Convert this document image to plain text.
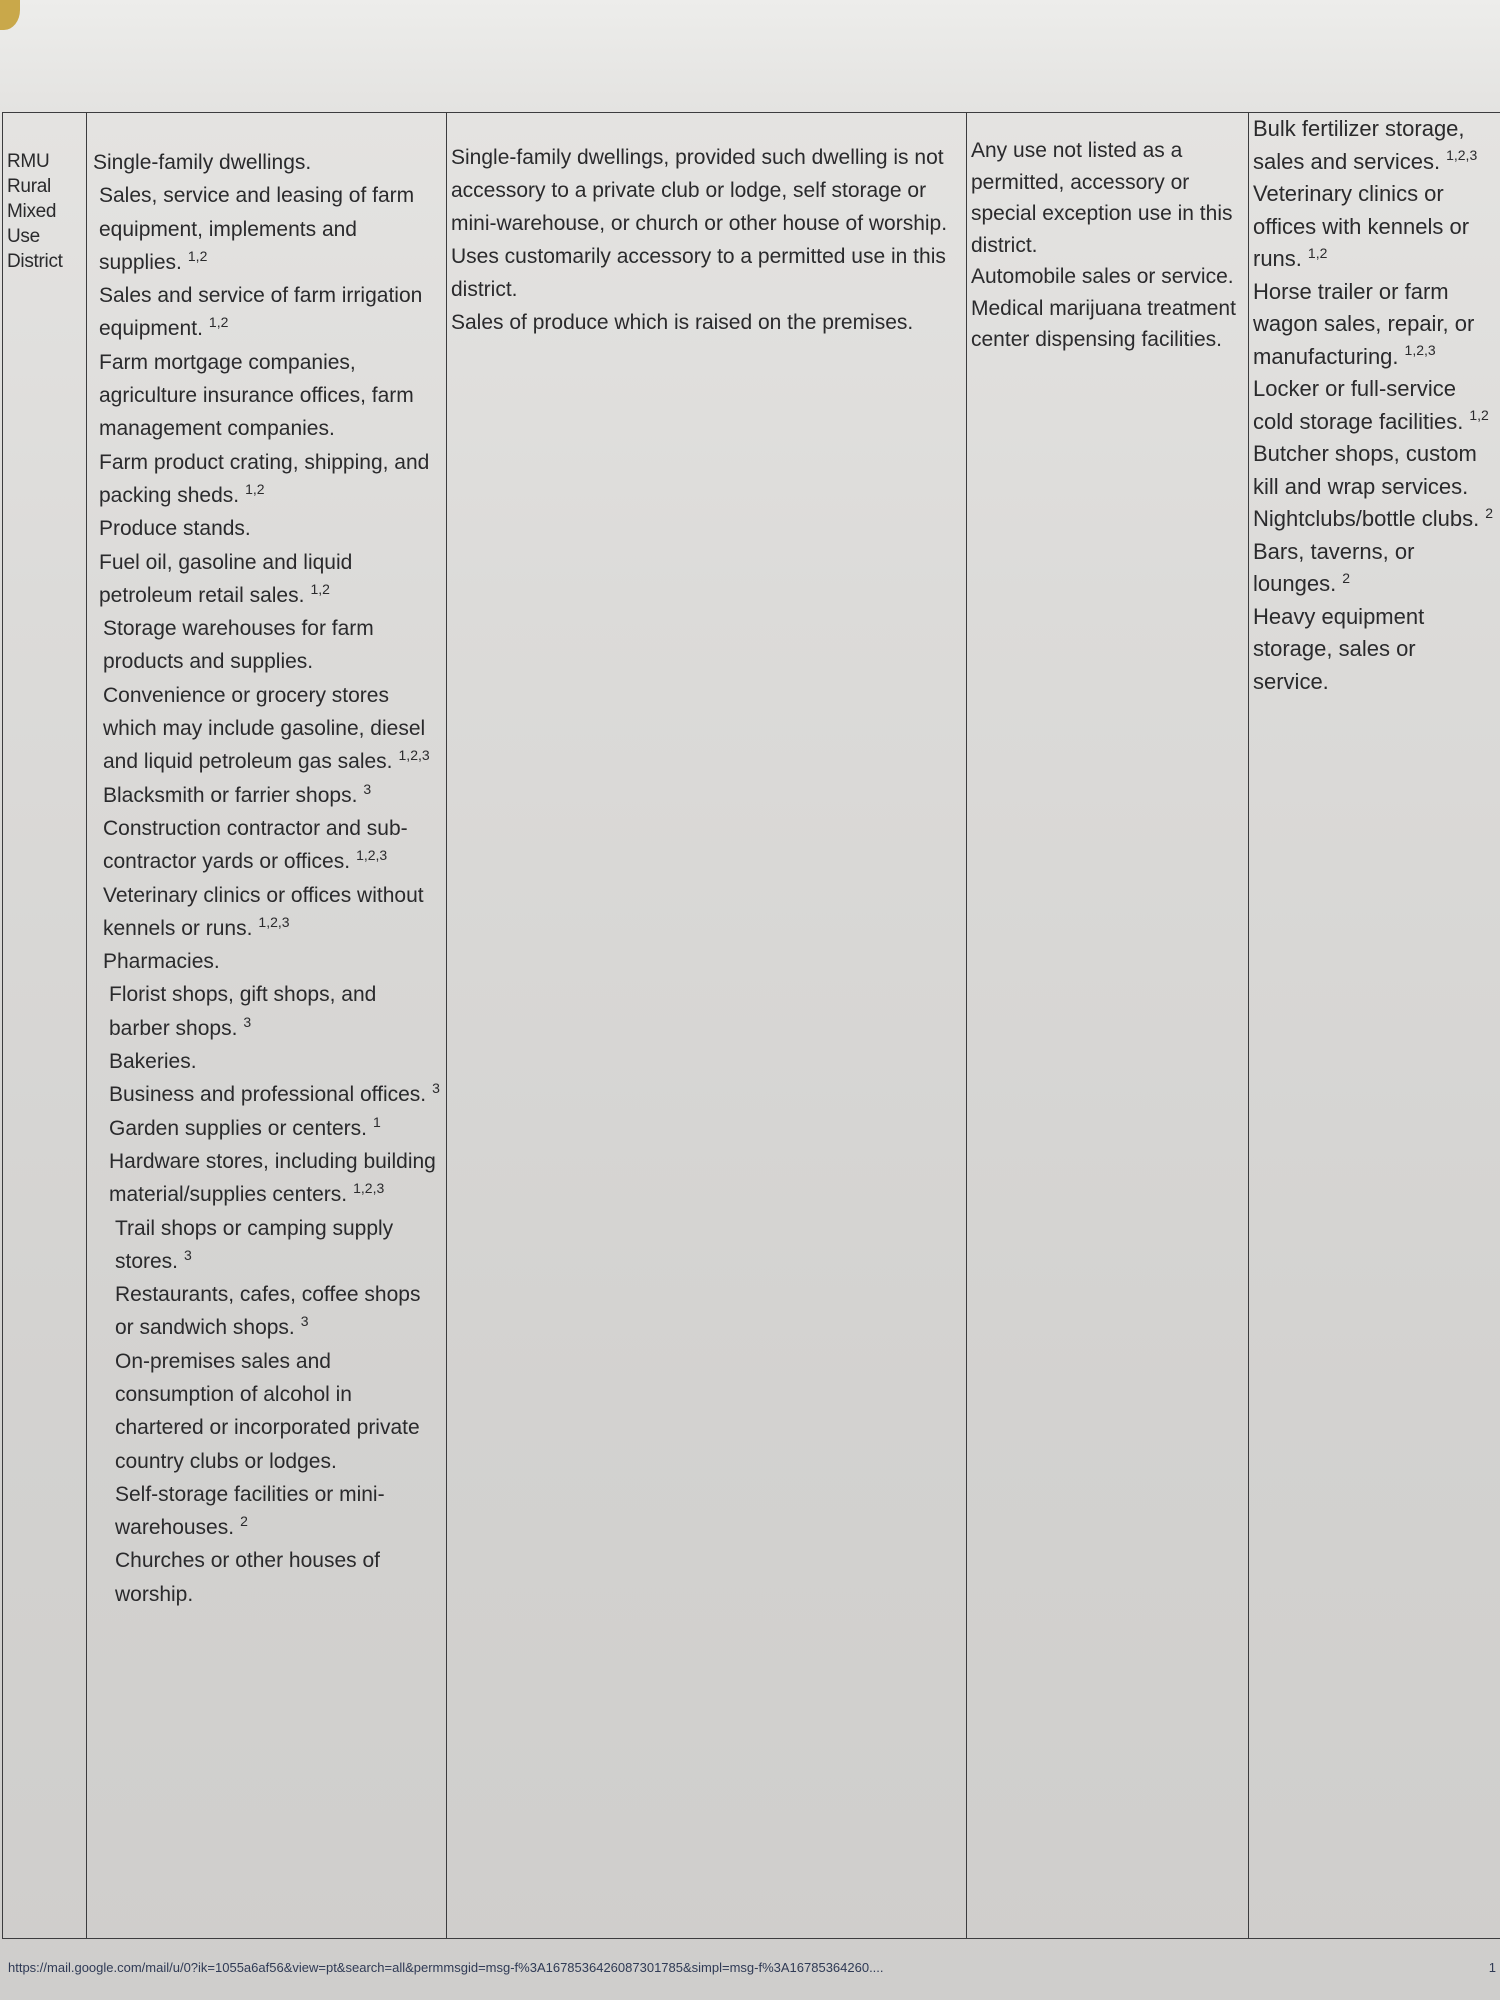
RMU
Rural
Mixed
Use
District

Single-family dwellings.
Sales, service and leasing of farm equipment, implements and supplies. $^{1,2}$
Sales and service of farm irrigation equipment. $^{1,2}$
Farm mortgage companies, agriculture insurance offices, farm management companies.
Farm product crating, shipping, and packing sheds. $^{1,2}$
Produce stands.
Fuel oil, gasoline and liquid petroleum retail sales. $^{1,2}$
Storage warehouses for farm products and supplies.
Convenience or grocery stores which may include gasoline, diesel and liquid petroleum gas sales. $^{1,2,3}$
Blacksmith or farrier shops. $^3$
Construction contractor and sub-contractor yards or offices. $^{1,2,3}$
Veterinary clinics or offices without kennels or runs. $^{1,2,3}$
Pharmacies.
Florist shops, gift shops, and barber shops. $^3$
Bakeries.
Business and professional offices. $^3$
Garden supplies or centers. $^1$
Hardware stores, including building material/supplies centers. $^{1,2,3}$
Trail shops or camping supply stores. $^3$
Restaurants, cafes, coffee shops or sandwich shops. $^3$
On-premises sales and consumption of alcohol in chartered or incorporated private country clubs or lodges.
Self-storage facilities or mini-warehouses. $^2$
Churches or other houses of worship.

Single-family dwellings, provided such dwelling is not accessory to a private club or lodge, self storage or mini-warehouse, or church or other house of worship.
Uses customarily accessory to a permitted use in this district.
Sales of produce which is raised on the premises.

Any use not listed as a permitted, accessory or special exception use in this district.
Automobile sales or service.
Medical marijuana treatment center dispensing facilities.

Bulk fertilizer storage, sales and services. $^{1,2,3}$
Veterinary clinics or offices with kennels or runs. $^{1,2}$
Horse trailer or farm wagon sales, repair, or manufacturing. $^{1,2,3}$
Locker or full-service cold storage facilities. $^{1,2}$
Butcher shops, custom kill and wrap services.
Nightclubs/bottle clubs. $^2$
Bars, taverns, or lounges. $^2$
Heavy equipment storage, sales or service.
https://mail.google.com/mail/u/0?ik=1055a6af56&view=pt&search=all&permmsgid=msg-f%3A1678536426087301785&simpl=msg-f%3A16785364260....	1
